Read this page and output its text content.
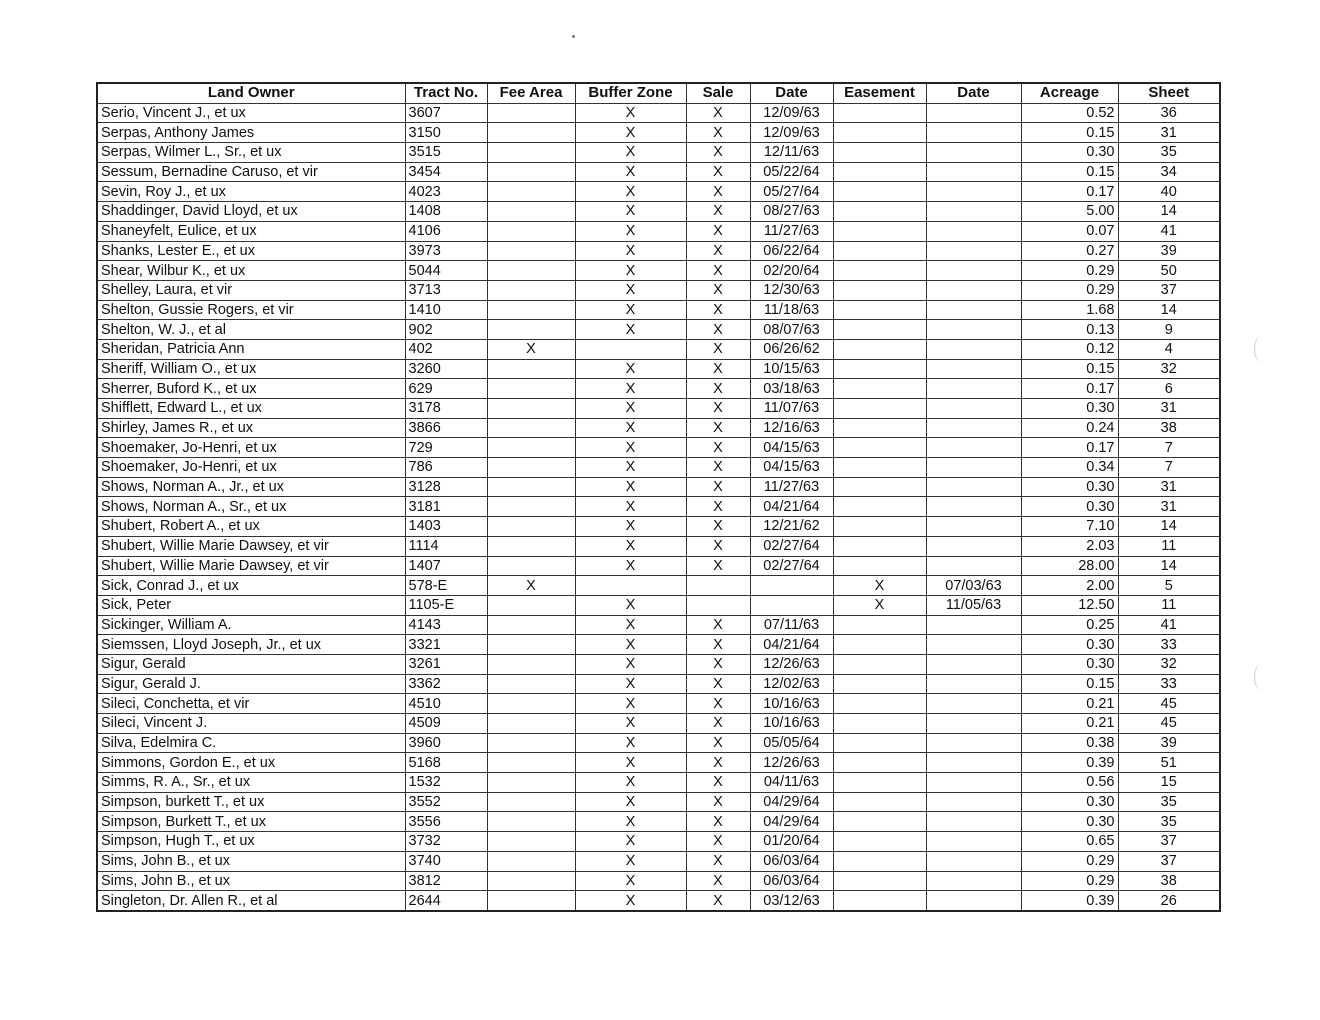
Land Owner	Tract No.	Fee Area	Buffer Zone	Sale	Date	Easement	Date	Acreage	Sheet
Serio, Vincent J., et ux	3607		X	X	12/09/63			0.52	36
Serpas, Anthony James	3150		X	X	12/09/63			0.15	31
Serpas, Wilmer L., Sr., et ux	3515		X	X	12/11/63			0.30	35
Sessum, Bernadine Caruso, et vir	3454		X	X	05/22/64			0.15	34
Sevin, Roy J., et ux	4023		X	X	05/27/64			0.17	40
Shaddinger, David Lloyd, et ux	1408		X	X	08/27/63			5.00	14
Shaneyfelt, Eulice, et ux	4106		X	X	11/27/63			0.07	41
Shanks, Lester E., et ux	3973		X	X	06/22/64			0.27	39
Shear, Wilbur K., et ux	5044		X	X	02/20/64			0.29	50
Shelley, Laura, et vir	3713		X	X	12/30/63			0.29	37
Shelton, Gussie Rogers, et vir	1410		X	X	11/18/63			1.68	14
Shelton, W. J., et al	902		X	X	08/07/63			0.13	9
Sheridan, Patricia Ann	402	X		X	06/26/62			0.12	4
Sheriff, William O., et ux	3260		X	X	10/15/63			0.15	32
Sherrer, Buford K., et ux	629		X	X	03/18/63			0.17	6
Shifflett, Edward L., et ux	3178		X	X	11/07/63			0.30	31
Shirley, James R., et ux	3866		X	X	12/16/63			0.24	38
Shoemaker, Jo-Henri, et ux	729		X	X	04/15/63			0.17	7
Shoemaker, Jo-Henri, et ux	786		X	X	04/15/63			0.34	7
Shows, Norman A., Jr., et ux	3128		X	X	11/27/63			0.30	31
Shows, Norman A., Sr., et ux	3181		X	X	04/21/64			0.30	31
Shubert, Robert A., et ux	1403		X	X	12/21/62			7.10	14
Shubert, Willie Marie Dawsey, et vir	1114		X	X	02/27/64			2.03	11
Shubert, Willie Marie Dawsey, et vir	1407		X	X	02/27/64			28.00	14
Sick, Conrad J., et ux	578-E	X				X	07/03/63	2.00	5
Sick, Peter	1105-E		X			X	11/05/63	12.50	11
Sickinger, William A.	4143		X	X	07/11/63			0.25	41
Siemssen, Lloyd Joseph, Jr., et ux	3321		X	X	04/21/64			0.30	33
Sigur, Gerald	3261		X	X	12/26/63			0.30	32
Sigur, Gerald J.	3362		X	X	12/02/63			0.15	33
Sileci, Conchetta, et vir	4510		X	X	10/16/63			0.21	45
Sileci, Vincent J.	4509		X	X	10/16/63			0.21	45
Silva, Edelmira C.	3960		X	X	05/05/64			0.38	39
Simmons, Gordon E., et ux	5168		X	X	12/26/63			0.39	51
Simms, R. A., Sr., et ux	1532		X	X	04/11/63			0.56	15
Simpson, burkett T., et ux	3552		X	X	04/29/64			0.30	35
Simpson, Burkett T., et ux	3556		X	X	04/29/64			0.30	35
Simpson, Hugh T., et ux	3732		X	X	01/20/64			0.65	37
Sims, John B., et ux	3740		X	X	06/03/64			0.29	37
Sims, John B., et ux	3812		X	X	06/03/64			0.29	38
Singleton, Dr. Allen R., et al	2644		X	X	03/12/63			0.39	26
